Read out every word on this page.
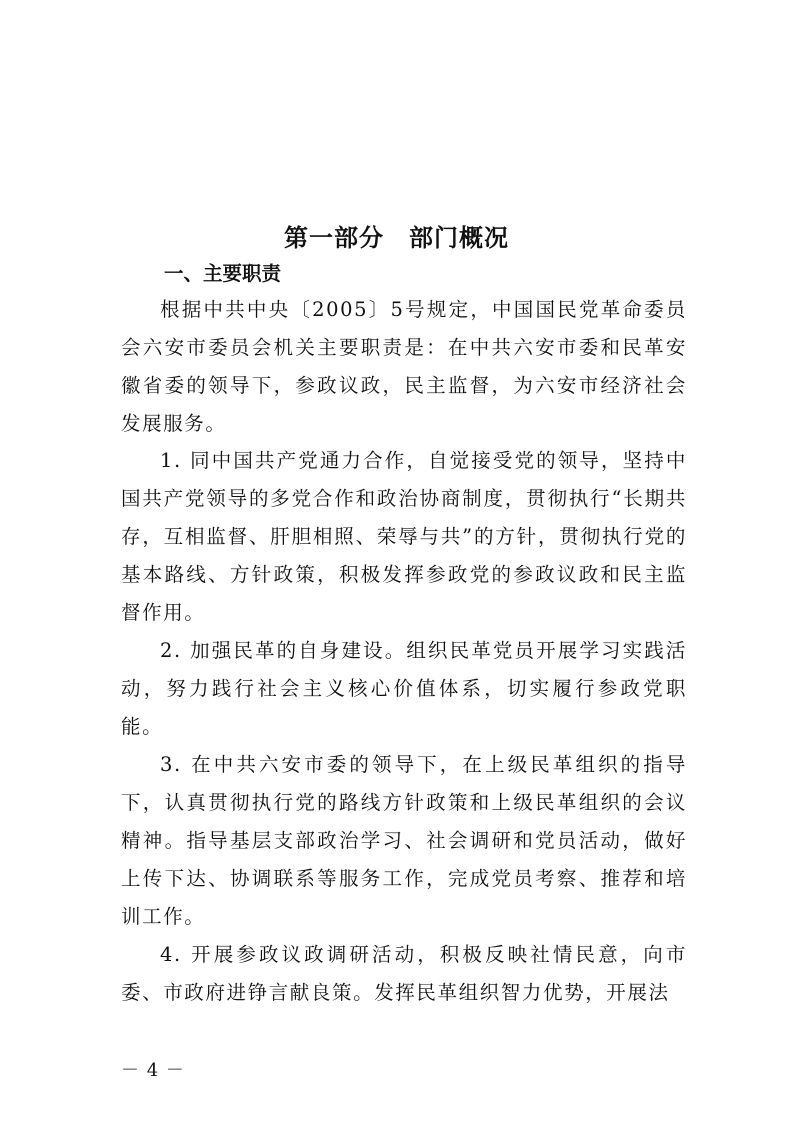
第一部分　部门概况
一、主要职责

根据中共中央〔2005〕5号规定，中国国民党革命委员会六安市委员会机关主要职责是：在中共六安市委和民革安徽省委的领导下，参政议政，民主监督，为六安市经济社会发展服务。

1. 同中国共产党通力合作，自觉接受党的领导，坚持中国共产党领导的多党合作和政治协商制度，贯彻执行“长期共存，互相监督、肝胆相照、荣辱与共”的方针，贯彻执行党的基本路线、方针政策，积极发挥参政党的参政议政和民主监督作用。

2. 加强民革的自身建设。组织民革党员开展学习实践活动，努力践行社会主义核心价值体系，切实履行参政党职能。

3. 在中共六安市委的领导下，在上级民革组织的指导下，认真贯彻执行党的路线方针政策和上级民革组织的会议精神。指导基层支部政治学习、社会调研和党员活动，做好上传下达、协调联系等服务工作，完成党员考察、推荐和培训工作。

4. 开展参政议政调研活动，积极反映社情民意，向市委、市政府进铮言献良策。发挥民革组织智力优势，开展法

－ 4 －
